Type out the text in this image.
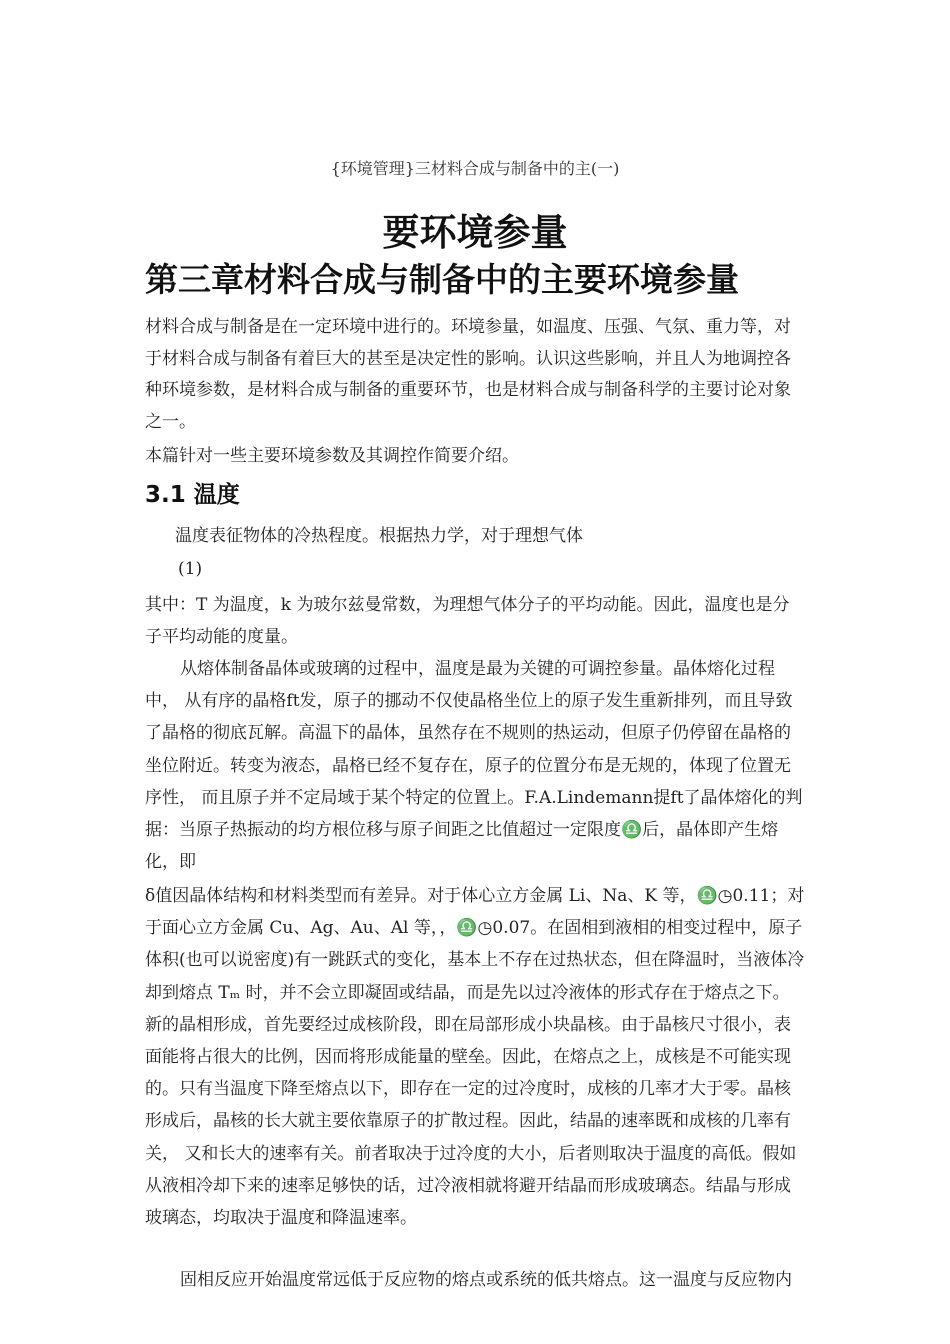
{环境管理}三材料合成与制备中的主(一)
要环境参量
第三章材料合成与制备中的主要环境参量
材料合成与制备是在一定环境中进行的。环境参量，如温度、压强、气氛、重力等，对于材料合成与制备有着巨大的甚至是决定性的影响。认识这些影响，并且人为地调控各种环境参数，是材料合成与制备的重要环节，也是材料合成与制备科学的主要讨论对象之一。
本篇针对一些主要环境参数及其调控作简要介绍。
3.1 温度
温度表征物体的冷热程度。根据热力学，对于理想气体
(1)
其中：T 为温度，k 为玻尔兹曼常数，为理想气体分子的平均动能。因此，温度也是分子平均动能的度量。
从熔体制备晶体或玻璃的过程中，温度是最为关键的可调控参量。晶体熔化过程中， 从有序的晶格ft发，原子的挪动不仅使晶格坐位上的原子发生重新排列，而且导致了晶格的彻底瓦解。高温下的晶体，虽然存在不规则的热运动，但原子仍停留在晶格的坐位附近。转变为液态，晶格已经不复存在，原子的位置分布是无规的，体现了位置无序性， 而且原子并不定局域于某个特定的位置上。F.A.Lindemann提ft了晶体熔化的判据：当原子热振动的均方根位移与原子间距之比值超过一定限度♎后，晶体即产生熔化，即
δ值因晶体结构和材料类型而有差异。对于体心立方金属 Li、Na、K 等，♎◷0.11；对于面心立方金属 Cu、Ag、Au、Al 等，，♎◷0.07。在固相到液相的相变过程中，原子体积(也可以说密度)有一跳跃式的变化，基本上不存在过热状态，但在降温时，当液体冷却到熔点 Tₘ 时，并不会立即凝固或结晶，而是先以过冷液体的形式存在于熔点之下。新的晶相形成，首先要经过成核阶段，即在局部形成小块晶核。由于晶核尺寸很小，表面能将占很大的比例，因而将形成能量的壁垒。因此，在熔点之上，成核是不可能实现的。只有当温度下降至熔点以下，即存在一定的过冷度时，成核的几率才大于零。晶核形成后，晶核的长大就主要依靠原子的扩散过程。因此，结晶的速率既和成核的几率有关， 又和长大的速率有关。前者取决于过冷度的大小，后者则取决于温度的高低。假如从液相冷却下来的速率足够快的话，过冷液相就将避开结晶而形成玻璃态。结晶与形成玻璃态，均取决于温度和降温速率。
固相反应开始温度常远低于反应物的熔点或系统的低共熔点。这一温度与反应物内
